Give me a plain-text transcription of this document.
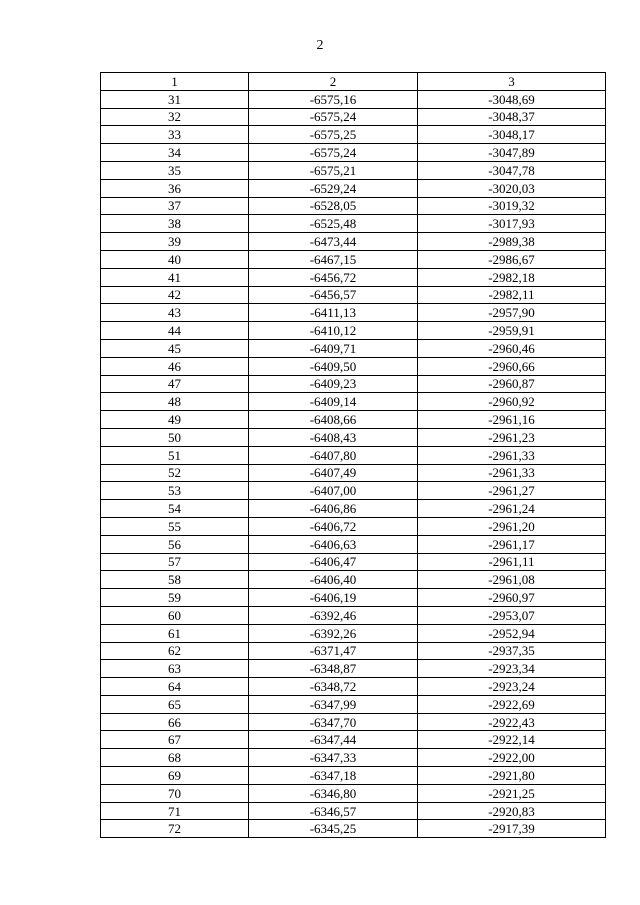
2
1	2	3
31	-6575,16	-3048,69
32	-6575,24	-3048,37
33	-6575,25	-3048,17
34	-6575,24	-3047,89
35	-6575,21	-3047,78
36	-6529,24	-3020,03
37	-6528,05	-3019,32
38	-6525,48	-3017,93
39	-6473,44	-2989,38
40	-6467,15	-2986,67
41	-6456,72	-2982,18
42	-6456,57	-2982,11
43	-6411,13	-2957,90
44	-6410,12	-2959,91
45	-6409,71	-2960,46
46	-6409,50	-2960,66
47	-6409,23	-2960,87
48	-6409,14	-2960,92
49	-6408,66	-2961,16
50	-6408,43	-2961,23
51	-6407,80	-2961,33
52	-6407,49	-2961,33
53	-6407,00	-2961,27
54	-6406,86	-2961,24
55	-6406,72	-2961,20
56	-6406,63	-2961,17
57	-6406,47	-2961,11
58	-6406,40	-2961,08
59	-6406,19	-2960,97
60	-6392,46	-2953,07
61	-6392,26	-2952,94
62	-6371,47	-2937,35
63	-6348,87	-2923,34
64	-6348,72	-2923,24
65	-6347,99	-2922,69
66	-6347,70	-2922,43
67	-6347,44	-2922,14
68	-6347,33	-2922,00
69	-6347,18	-2921,80
70	-6346,80	-2921,25
71	-6346,57	-2920,83
72	-6345,25	-2917,39
